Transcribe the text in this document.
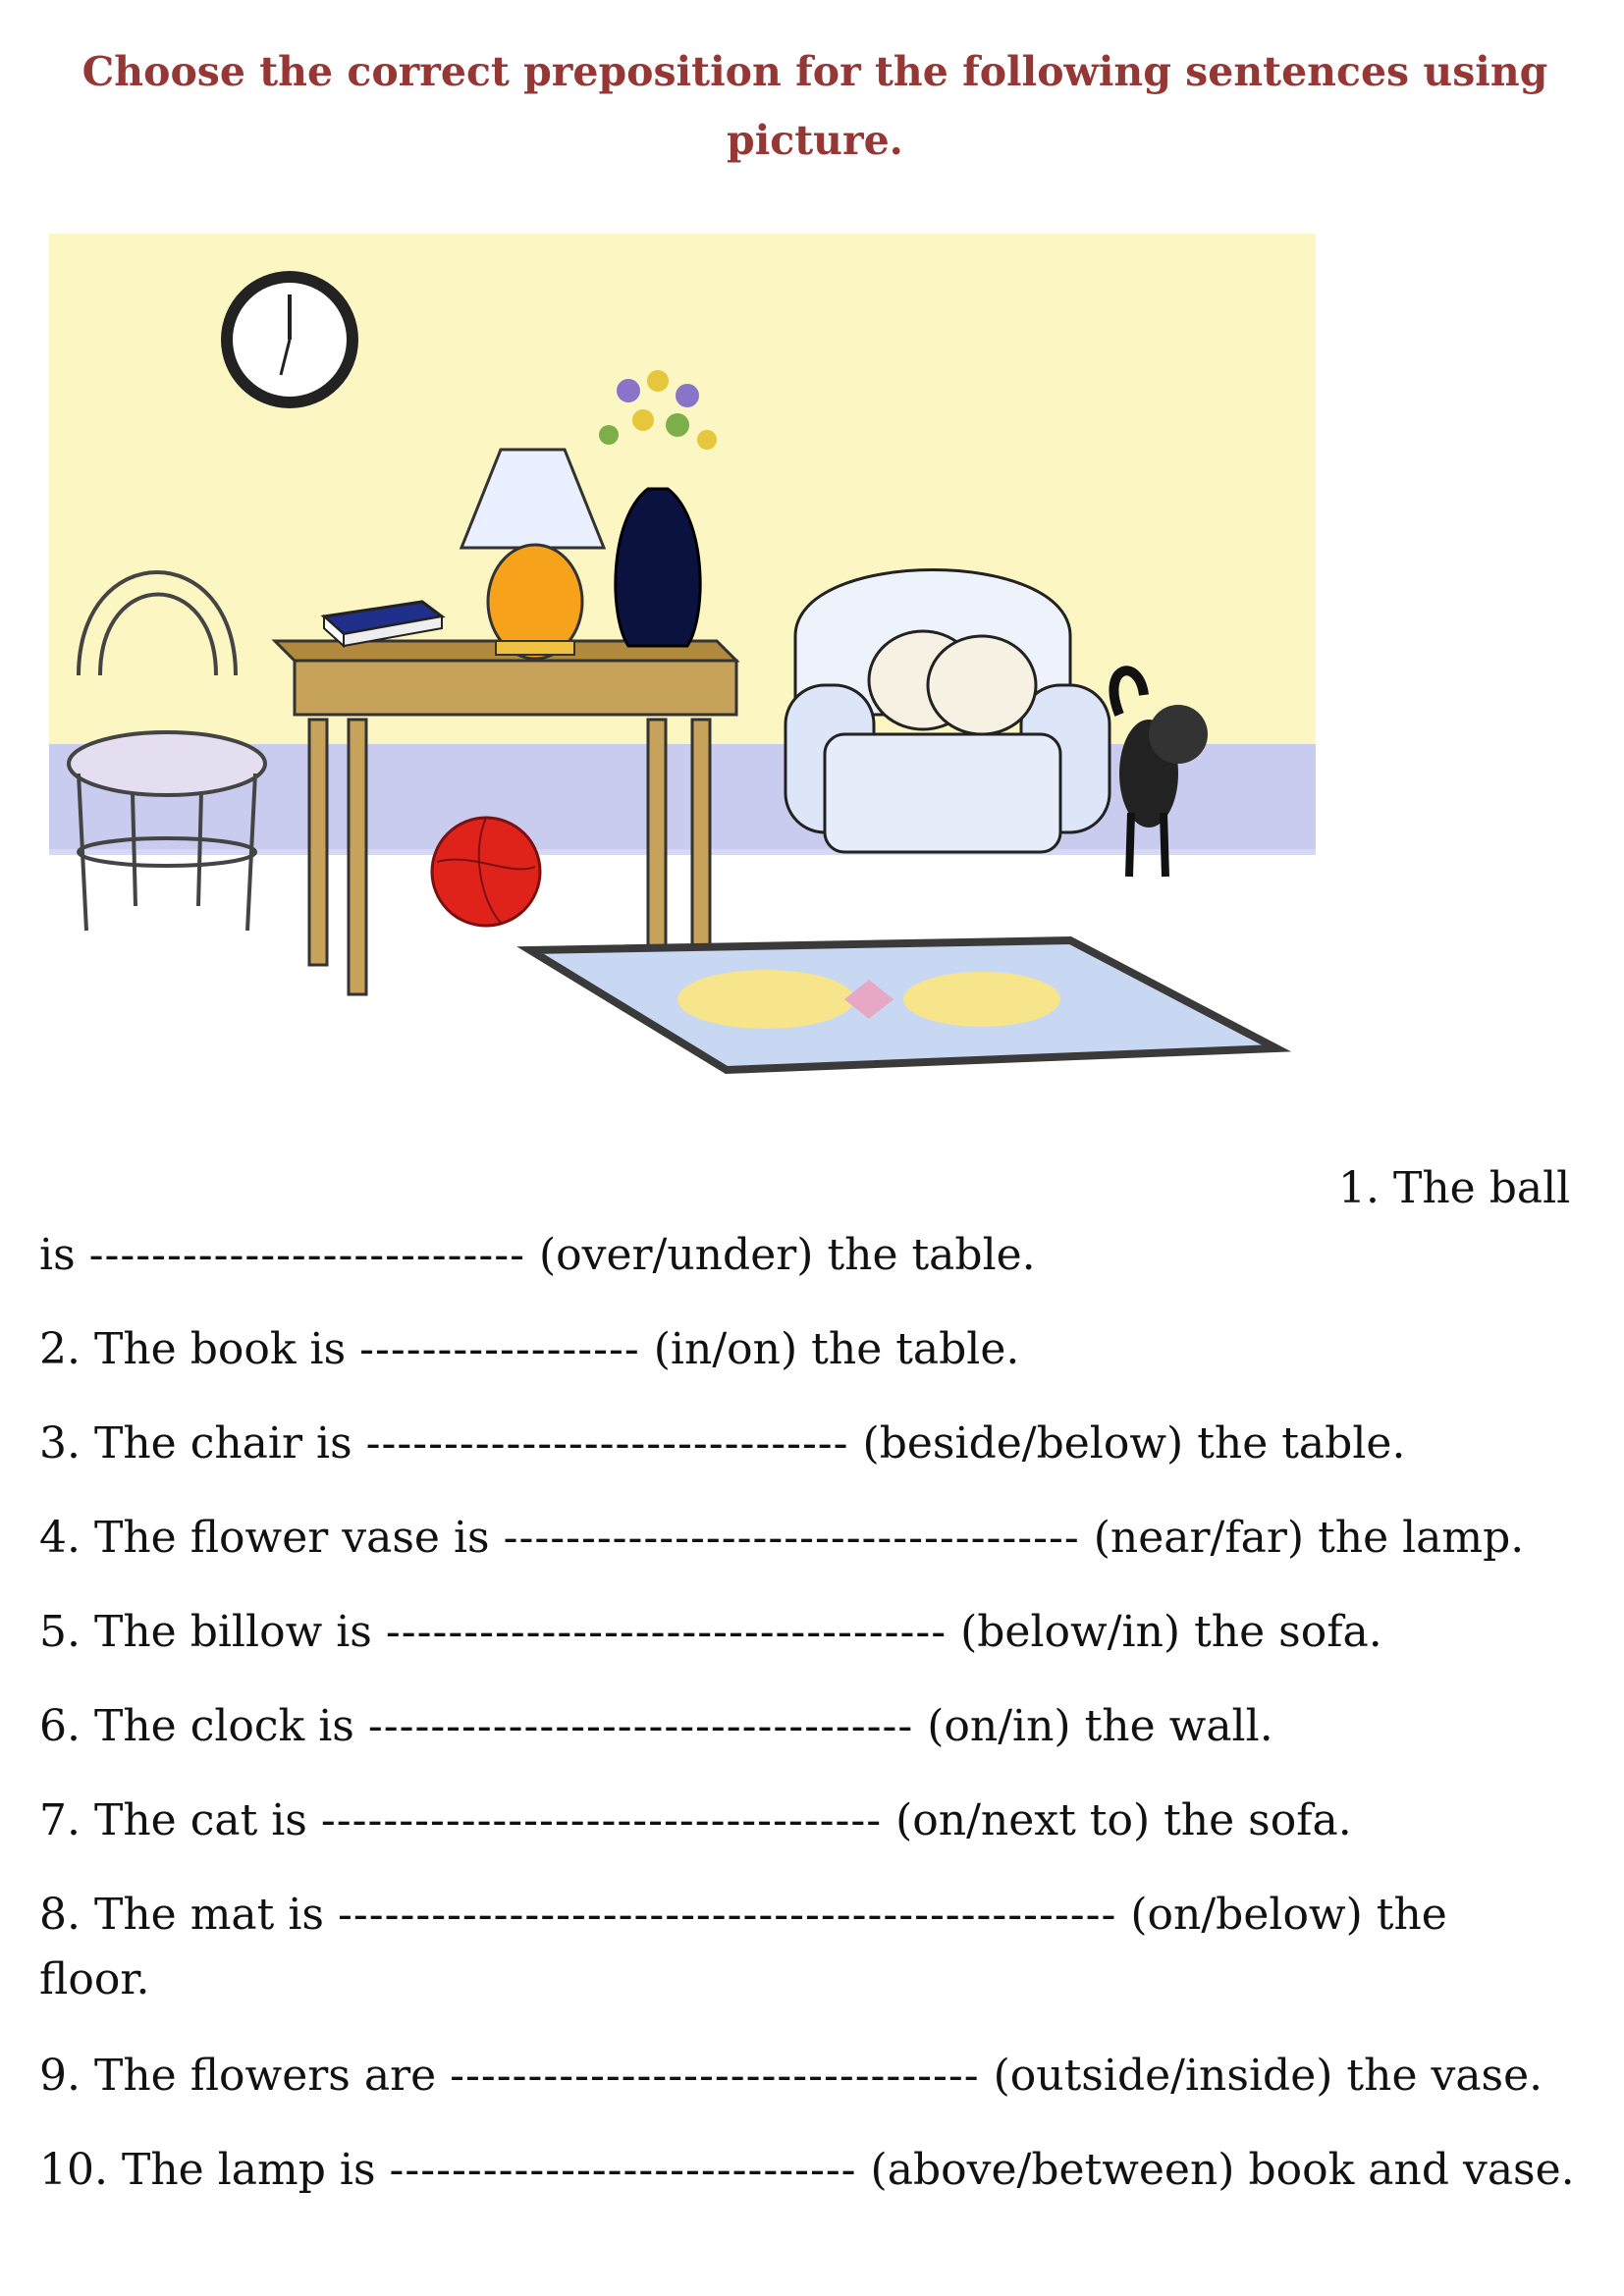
Choose the correct preposition for the following sentences using picture.
1. The ball
is ---------------------------- (over/under) the table.
2. The book is ------------------ (in/on) the table.
3. The chair is ------------------------------- (beside/below) the table.
4. The flower vase is ------------------------------------- (near/far) the lamp.
5. The billow is ------------------------------------ (below/in) the sofa.
6. The clock is ----------------------------------- (on/in) the wall.
7. The cat is ------------------------------------ (on/next to) the sofa.
8. The mat is -------------------------------------------------- (on/below) the
floor.
9. The flowers are ---------------------------------- (outside/inside) the vase.
10. The lamp is ------------------------------ (above/between) book and vase.
